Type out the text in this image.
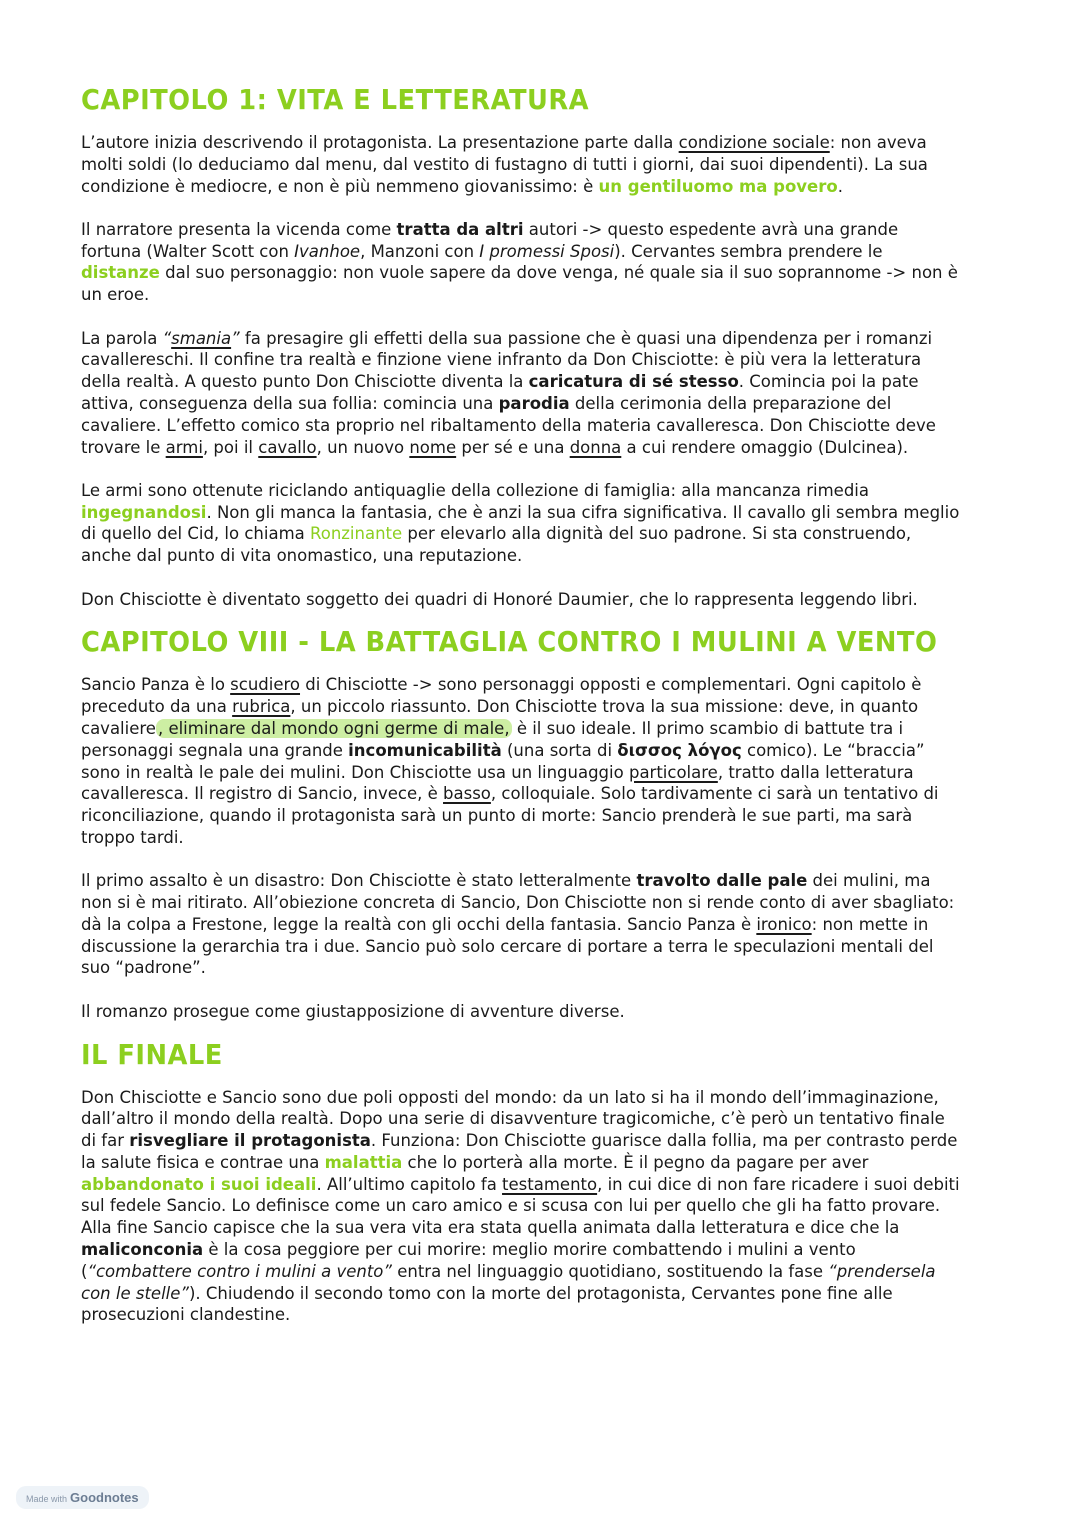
CAPITOLO 1: VITA E LETTERATURA

L’autore inizia descrivendo il protagonista. La presentazione parte dalla condizione sociale: non aveva molti soldi (lo deduciamo dal menu, dal vestito di fustagno di tutti i giorni, dai suoi dipendenti). La sua condizione è mediocre, e non è più nemmeno giovanissimo: è un gentiluomo ma povero.

Il narratore presenta la vicenda come tratta da altri autori -> questo espedente avrà una grande fortuna (Walter Scott con Ivanhoe, Manzoni con I promessi Sposi). Cervantes sembra prendere le distanze dal suo personaggio: non vuole sapere da dove venga, né quale sia il suo soprannome -> non è un eroe.

La parola “smania” fa presagire gli effetti della sua passione che è quasi una dipendenza per i romanzi cavallereschi. Il confine tra realtà e finzione viene infranto da Don Chisciotte: è più vera la letteratura della realtà. A questo punto Don Chisciotte diventa la caricatura di sé stesso. Comincia poi la pate attiva, conseguenza della sua follia: comincia una parodia della cerimonia della preparazione del cavaliere. L’effetto comico sta proprio nel ribaltamento della materia cavalleresca. Don Chisciotte deve trovare le armi, poi il cavallo, un nuovo nome per sé e una donna a cui rendere omaggio (Dulcinea).

Le armi sono ottenute riciclando antiquaglie della collezione di famiglia: alla mancanza rimedia ingegnandosi. Non gli manca la fantasia, che è anzi la sua cifra significativa. Il cavallo gli sembra meglio di quello del Cid, lo chiama Ronzinante per elevarlo alla dignità del suo padrone. Si sta construendo, anche dal punto di vita onomastico, una reputazione.

Don Chisciotte è diventato soggetto dei quadri di Honoré Daumier, che lo rappresenta leggendo libri.

CAPITOLO VIII - LA BATTAGLIA CONTRO I MULINI A VENTO

Sancio Panza è lo scudiero di Chisciotte -> sono personaggi opposti e complementari. Ogni capitolo è preceduto da una rubrica, un piccolo riassunto. Don Chisciotte trova la sua missione: deve, in quanto cavaliere , eliminare dal mondo ogni germe di male, è il suo ideale. Il primo scambio di battute tra i personaggi segnala una grande incomunicabilità (una sorta di δισσος λόγος comico). Le “braccia” sono in realtà le pale dei mulini. Don Chisciotte usa un linguaggio particolare, tratto dalla letteratura cavalleresca. Il registro di Sancio, invece, è basso, colloquiale. Solo tardivamente ci sarà un tentativo di riconciliazione, quando il protagonista sarà un punto di morte: Sancio prenderà le sue parti, ma sarà troppo tardi.

Il primo assalto è un disastro: Don Chisciotte è stato letteralmente travolto dalle pale dei mulini, ma non si è mai ritirato. All’obiezione concreta di Sancio, Don Chisciotte non si rende conto di aver sbagliato: dà la colpa a Frestone, legge la realtà con gli occhi della fantasia. Sancio Panza è ironico: non mette in discussione la gerarchia tra i due. Sancio può solo cercare di portare a terra le speculazioni mentali del suo “padrone”.

Il romanzo prosegue come giustapposizione di avventure diverse.

IL FINALE

Don Chisciotte e Sancio sono due poli opposti del mondo: da un lato si ha il mondo dell’immaginazione, dall’altro il mondo della realtà. Dopo una serie di disavventure tragicomiche, c’è però un tentativo finale di far risvegliare il protagonista. Funziona: Don Chisciotte guarisce dalla follia, ma per contrasto perde la salute fisica e contrae una malattia che lo porterà alla morte. È il pegno da pagare per aver abbandonato i suoi ideali. All’ultimo capitolo fa testamento, in cui dice di non fare ricadere i suoi debiti sul fedele Sancio. Lo definisce come un caro amico e si scusa con lui per quello che gli ha fatto provare. Alla fine Sancio capisce che la sua vera vita era stata quella animata dalla letteratura e dice che la maliconconia è la cosa peggiore per cui morire: meglio morire combattendo i mulini a vento (“combattere contro i mulini a vento” entra nel linguaggio quotidiano, sostituendo la fase “prendersela con le stelle”). Chiudendo il secondo tomo con la morte del protagonista, Cervantes pone fine alle prosecuzioni clandestine.

Made with Goodnotes
